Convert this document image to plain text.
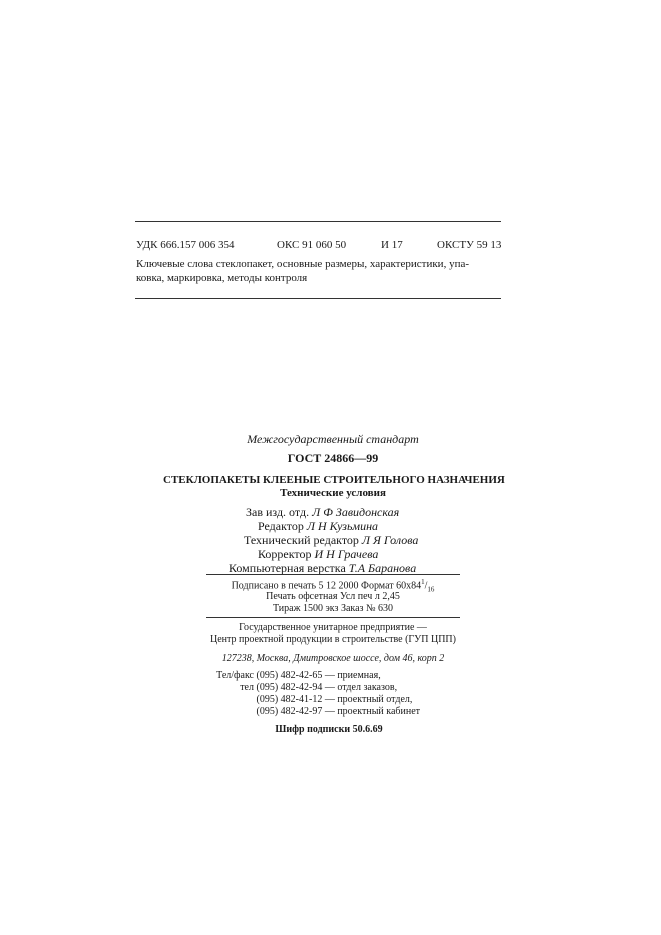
УДК 666.157 006 354	ОКС 91 060 50	И 17	ОКСТУ 59 13
Ключевые слова стеклопакет, основные размеры, характеристики, упа-
ковка, маркировка, методы контроля
Межгосударственный стандарт
ГОСТ 24866—99
СТЕКЛОПАКЕТЫ КЛЕЕНЫЕ СТРОИТЕЛЬНОГО НАЗНАЧЕНИЯ
Технические условия
Зав изд. отд. Л Ф Завидонская
Редактор Л Н Кузьмина
Технический редактор Л Я Голова
Корректор И Н Грачева
Компьютерная верстка Т.А Баранова
Подписано в печать 5 12 2000 Формат $60х84^1/_{16}$
Печать офсетная Усл печ л 2,45
Тираж 1500 экз Заказ № 630
Государственное унитарное предприятие —
Центр проектной продукции в строительстве (ГУП ЦПП)
127238, Москва, Дмитровское шоссе, дом 46, корп 2
Тел/факс (095) 482-42-65 — приемная,
тел (095) 482-42-94 — отдел заказов,
(095) 482-41-12 — проектный отдел,
(095) 482-42-97 — проектный кабинет
Шифр подписки 50.6.69
